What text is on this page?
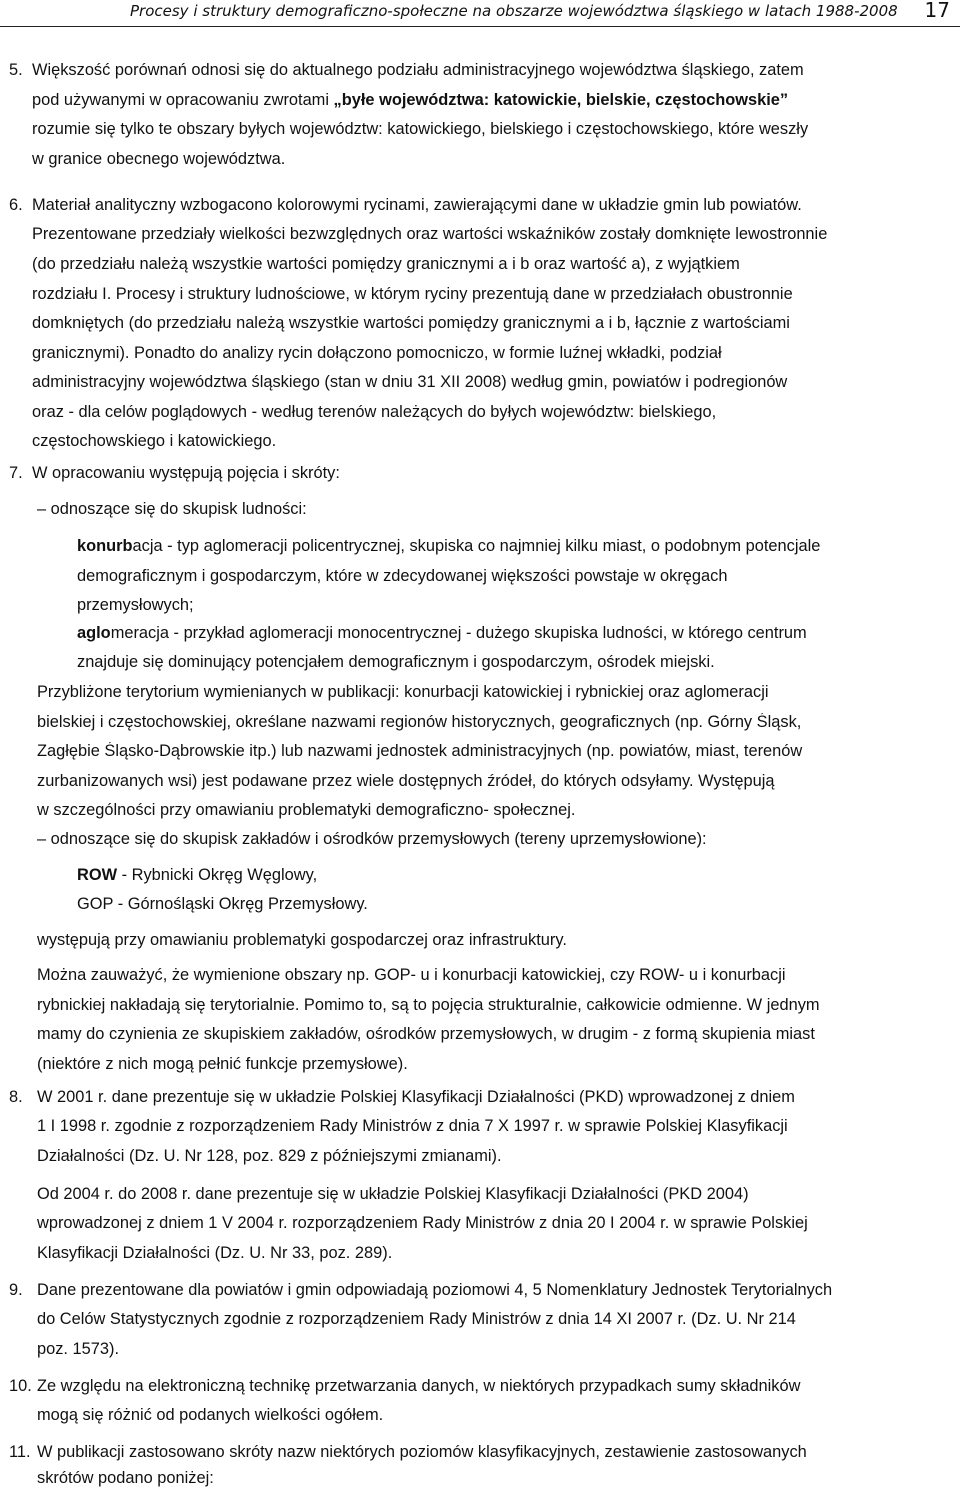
Procesy i struktury demograficzno-społeczne na obszarze województwa śląskiego w latach 1988-2008 17
5. Większość porównań odnosi się do aktualnego podziału administracyjnego województwa śląskiego, zatem
pod używanymi w opracowaniu zwrotami „byłe województwa: katowickie, bielskie, częstochowskie”
rozumie się tylko te obszary byłych województw: katowickiego, bielskiego i częstochowskiego, które weszły
w granice obecnego województwa.
6. Materiał analityczny wzbogacono kolorowymi rycinami, zawierającymi dane w układzie gmin lub powiatów.
Prezentowane przedziały wielkości bezwzględnych oraz wartości wskaźników zostały domknięte lewostronnie
(do przedziału należą wszystkie wartości pomiędzy granicznymi a i b oraz wartość a), z wyjątkiem
rozdziału I. Procesy i struktury ludnościowe, w którym ryciny prezentują dane w przedziałach obustronnie
domkniętych (do przedziału należą wszystkie wartości pomiędzy granicznymi a i b, łącznie z wartościami
granicznymi). Ponadto do analizy rycin dołączono pomocniczo, w formie luźnej wkładki, podział
administracyjny województwa śląskiego (stan w dniu 31 XII 2008) według gmin, powiatów i podregionów
oraz - dla celów poglądowych - według terenów należących do byłych województw: bielskiego,
częstochowskiego i katowickiego.
7. W opracowaniu występują pojęcia i skróty:
– odnoszące się do skupisk ludności:
konurbacja - typ aglomeracji policentrycznej, skupiska co najmniej kilku miast, o podobnym potencjale
demograficznym i gospodarczym, które w zdecydowanej większości powstaje w okręgach
przemysłowych;
aglomeracja - przykład aglomeracji monocentrycznej - dużego skupiska ludności, w którego centrum
znajduje się dominujący potencjałem demograficznym i gospodarczym, ośrodek miejski.
Przybliżone terytorium wymienianych w publikacji: konurbacji katowickiej i rybnickiej oraz aglomeracji
bielskiej i częstochowskiej, określane nazwami regionów historycznych, geograficznych (np. Górny Śląsk,
Zagłębie Śląsko-Dąbrowskie itp.) lub nazwami jednostek administracyjnych (np. powiatów, miast, terenów
zurbanizowanych wsi) jest podawane przez wiele dostępnych źródeł, do których odsyłamy. Występują
w szczególności przy omawianiu problematyki demograficzno- społecznej.
– odnoszące się do skupisk zakładów i ośrodków przemysłowych (tereny uprzemysłowione):
ROW - Rybnicki Okręg Węglowy,
GOP - Górnośląski Okręg Przemysłowy.
występują przy omawianiu problematyki gospodarczej oraz infrastruktury.
Można zauważyć, że wymienione obszary np. GOP- u i konurbacji katowickiej, czy ROW- u i konurbacji
rybnickiej nakładają się terytorialnie. Pomimo to, są to pojęcia strukturalnie, całkowicie odmienne. W jednym
mamy do czynienia ze skupiskiem zakładów, ośrodków przemysłowych, w drugim - z formą skupienia miast
(niektóre z nich mogą pełnić funkcje przemysłowe).
8. W 2001 r. dane prezentuje się w układzie Polskiej Klasyfikacji Działalności (PKD) wprowadzonej z dniem
1 I 1998 r. zgodnie z rozporządzeniem Rady Ministrów z dnia 7 X 1997 r. w sprawie Polskiej Klasyfikacji
Działalności (Dz. U. Nr 128, poz. 829 z późniejszymi zmianami).
Od 2004 r. do 2008 r. dane prezentuje się w układzie Polskiej Klasyfikacji Działalności (PKD 2004)
wprowadzonej z dniem 1 V 2004 r. rozporządzeniem Rady Ministrów z dnia 20 I 2004 r. w sprawie Polskiej
Klasyfikacji Działalności (Dz. U. Nr 33, poz. 289).
9. Dane prezentowane dla powiatów i gmin odpowiadają poziomowi 4, 5 Nomenklatury Jednostek Terytorialnych
do Celów Statystycznych zgodnie z rozporządzeniem Rady Ministrów z dnia 14 XI 2007 r. (Dz. U. Nr 214
poz. 1573).
10. Ze względu na elektroniczną technikę przetwarzania danych, w niektórych przypadkach sumy składników
mogą się różnić od podanych wielkości ogółem.
11. W publikacji zastosowano skróty nazw niektórych poziomów klasyfikacyjnych, zestawienie zastosowanych
skrótów podano poniżej:
